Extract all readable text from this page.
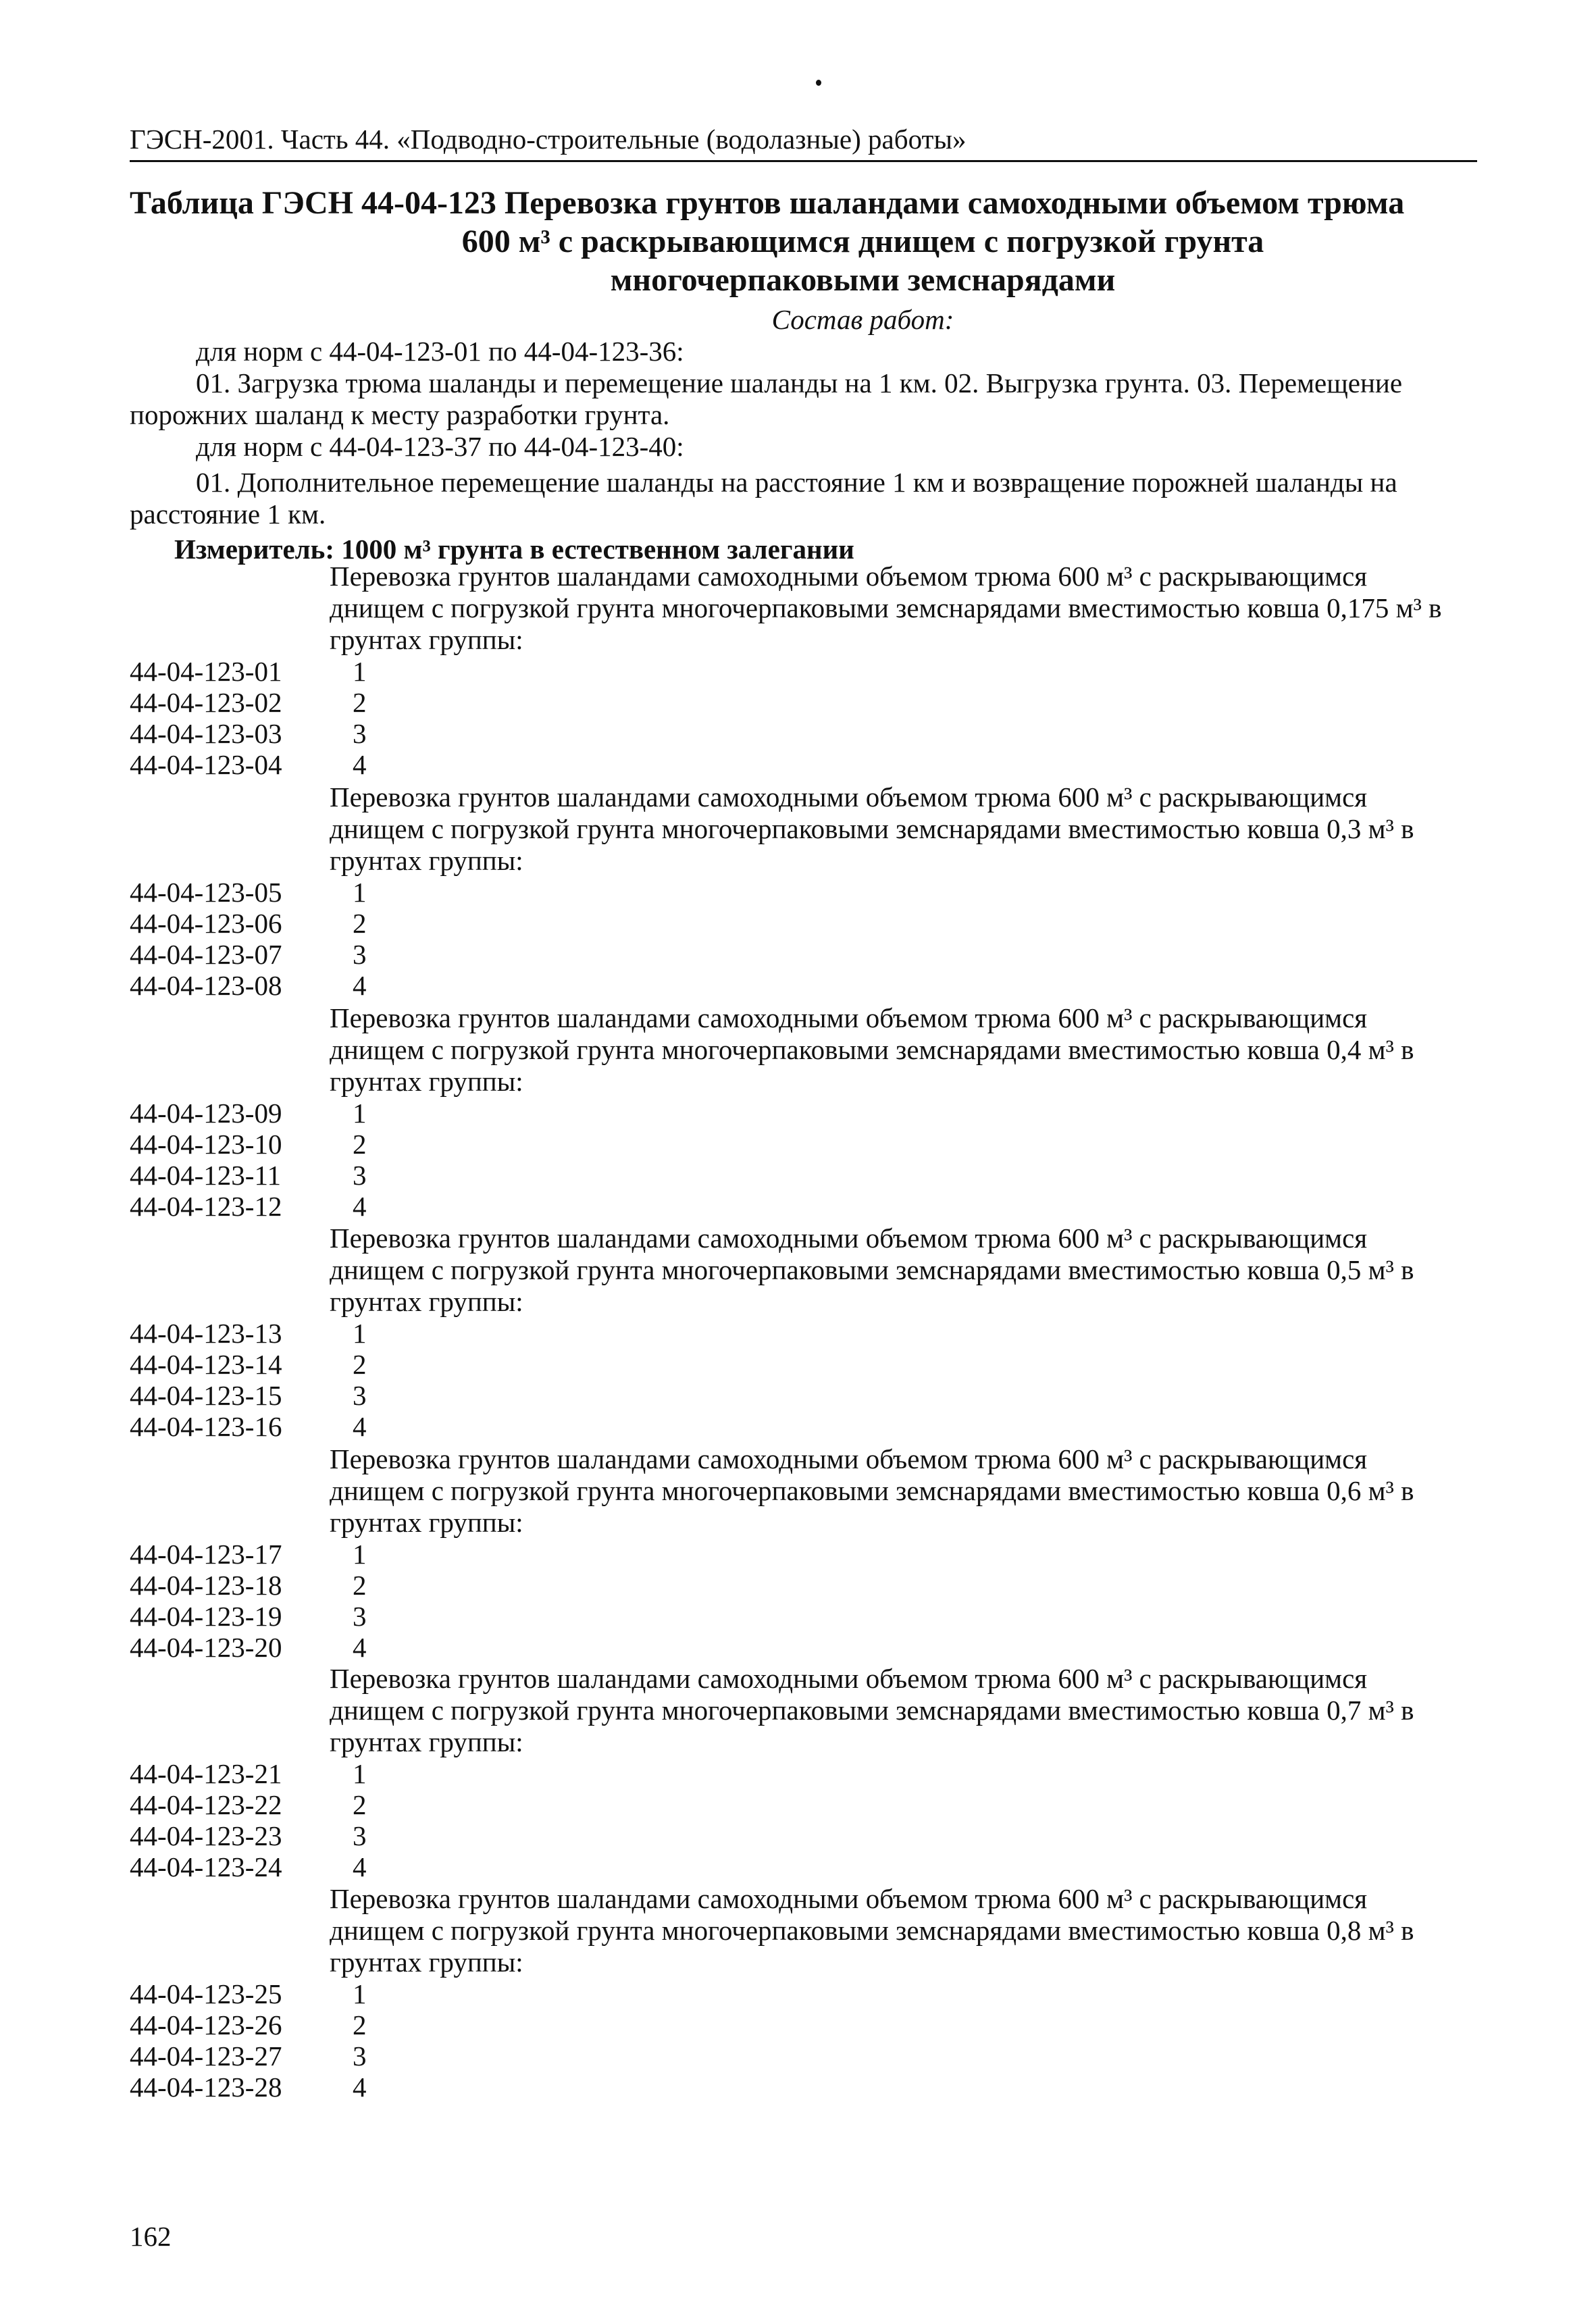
ГЭСН-2001. Часть 44. «Подводно-строительные (водолазные) работы»
Таблица ГЭСН 44-04-123 Перевозка грунтов шаландами самоходными объемом трюма
600 м³ с раскрывающимся днищем с погрузкой грунта
многочерпаковыми земснарядами
Состав работ:
для норм с 44-04-123-01 по 44-04-123-36:
01. Загрузка трюма шаланды и перемещение шаланды на 1 км. 02. Выгрузка грунта. 03. Перемещение
порожних шаланд к месту разработки грунта.
для норм с 44-04-123-37 по 44-04-123-40:
01. Дополнительное перемещение шаланды на расстояние 1 км и возвращение порожней шаланды на
расстояние 1 км.
Измеритель: 1000 м³ грунта в естественном залегании
Перевозка грунтов шаландами самоходными объемом трюма 600 м³ с раскрывающимся
днищем с погрузкой грунта многочерпаковыми земснарядами вместимостью ковша 0,175 м³ в
грунтах группы:
44-04-123-01	1
44-04-123-02	2
44-04-123-03	3
44-04-123-04	4
Перевозка грунтов шаландами самоходными объемом трюма 600 м³ с раскрывающимся
днищем с погрузкой грунта многочерпаковыми земснарядами вместимостью ковша 0,3 м³ в
грунтах группы:
44-04-123-05	1
44-04-123-06	2
44-04-123-07	3
44-04-123-08	4
Перевозка грунтов шаландами самоходными объемом трюма 600 м³ с раскрывающимся
днищем с погрузкой грунта многочерпаковыми земснарядами вместимостью ковша 0,4 м³ в
грунтах группы:
44-04-123-09	1
44-04-123-10	2
44-04-123-11	3
44-04-123-12	4
Перевозка грунтов шаландами самоходными объемом трюма 600 м³ с раскрывающимся
днищем с погрузкой грунта многочерпаковыми земснарядами вместимостью ковша 0,5 м³ в
грунтах группы:
44-04-123-13	1
44-04-123-14	2
44-04-123-15	3
44-04-123-16	4
Перевозка грунтов шаландами самоходными объемом трюма 600 м³ с раскрывающимся
днищем с погрузкой грунта многочерпаковыми земснарядами вместимостью ковша 0,6 м³ в
грунтах группы:
44-04-123-17	1
44-04-123-18	2
44-04-123-19	3
44-04-123-20	4
Перевозка грунтов шаландами самоходными объемом трюма 600 м³ с раскрывающимся
днищем с погрузкой грунта многочерпаковыми земснарядами вместимостью ковша 0,7 м³ в
грунтах группы:
44-04-123-21	1
44-04-123-22	2
44-04-123-23	3
44-04-123-24	4
Перевозка грунтов шаландами самоходными объемом трюма 600 м³ с раскрывающимся
днищем с погрузкой грунта многочерпаковыми земснарядами вместимостью ковша 0,8 м³ в
грунтах группы:
44-04-123-25	1
44-04-123-26	2
44-04-123-27	3
44-04-123-28	4
162
